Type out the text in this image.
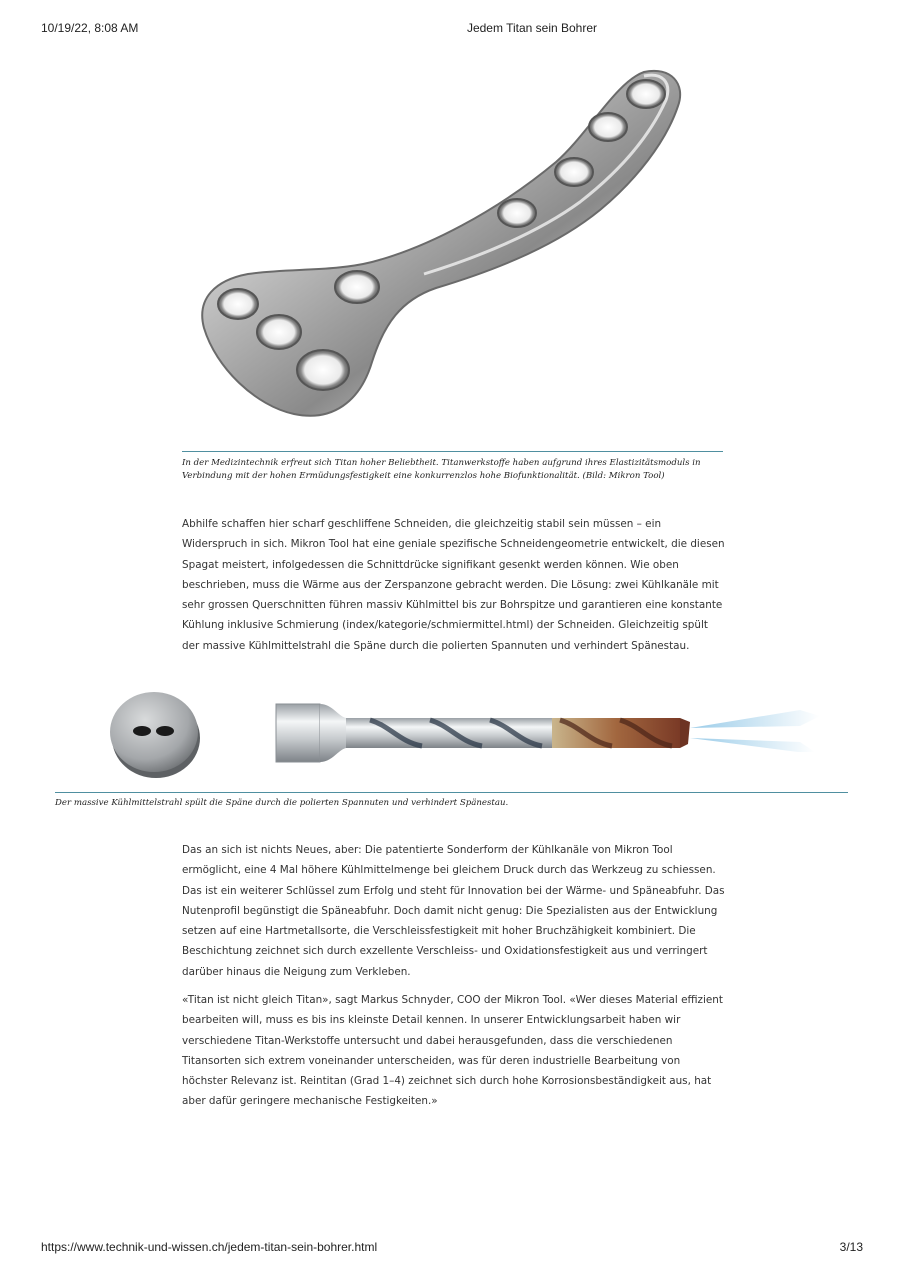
10/19/22, 8:08 AM	Jedem Titan sein Bohrer
In der Medizintechnik erfreut sich Titan hoher Beliebtheit. Titanwerkstoffe haben aufgrund ihres Elastizitätsmoduls in Verbindung mit der hohen Ermüdungsfestigkeit eine konkurrenzlos hohe Biofunktionalität. (Bild: Mikron Tool)

Abhilfe schaffen hier scharf geschliffene Schneiden, die gleichzeitig stabil sein müssen – ein Widerspruch in sich. Mikron Tool hat eine geniale spezifische Schneidengeometrie entwickelt, die diesen Spagat meistert, infolgedessen die Schnittdrücke signifikant gesenkt werden können. Wie oben beschrieben, muss die Wärme aus der Zerspanzone gebracht werden. Die Lösung: zwei Kühlkanäle mit sehr grossen Querschnitten führen massiv Kühlmittel bis zur Bohrspitze und garantieren eine konstante Kühlung inklusive Schmierung (index/kategorie/schmiermittel.html) der Schneiden. Gleichzeitig spült der massive Kühlmittelstrahl die Späne durch die polierten Spannuten und verhindert Spänestau.

Der massive Kühlmittelstrahl spült die Späne durch die polierten Spannuten und verhindert Spänestau.

Das an sich ist nichts Neues, aber: Die patentierte Sonderform der Kühlkanäle von Mikron Tool ermöglicht, eine 4 Mal höhere Kühlmittelmenge bei gleichem Druck durch das Werkzeug zu schiessen. Das ist ein weiterer Schlüssel zum Erfolg und steht für Innovation bei der Wärme- und Späneabfuhr. Das Nutenprofil begünstigt die Späneabfuhr. Doch damit nicht genug: Die Spezialisten aus der Entwicklung setzen auf eine Hartmetallsorte, die Verschleissfestigkeit mit hoher Bruchzähigkeit kombiniert. Die Beschichtung zeichnet sich durch exzellente Verschleiss- und Oxidationsfestigkeit aus und verringert darüber hinaus die Neigung zum Verkleben.

«Titan ist nicht gleich Titan», sagt Markus Schnyder, COO der Mikron Tool. «Wer dieses Material effizient bearbeiten will, muss es bis ins kleinste Detail kennen. In unserer Entwicklungsarbeit haben wir verschiedene Titan-Werkstoffe untersucht und dabei herausgefunden, dass die verschiedenen Titansorten sich extrem voneinander unterscheiden, was für deren industrielle Bearbeitung von höchster Relevanz ist. Reintitan (Grad 1–4) zeichnet sich durch hohe Korrosionsbeständigkeit aus, hat aber dafür geringere mechanische Festigkeiten.»

https://www.technik-und-wissen.ch/jedem-titan-sein-bohrer.html	3/13
